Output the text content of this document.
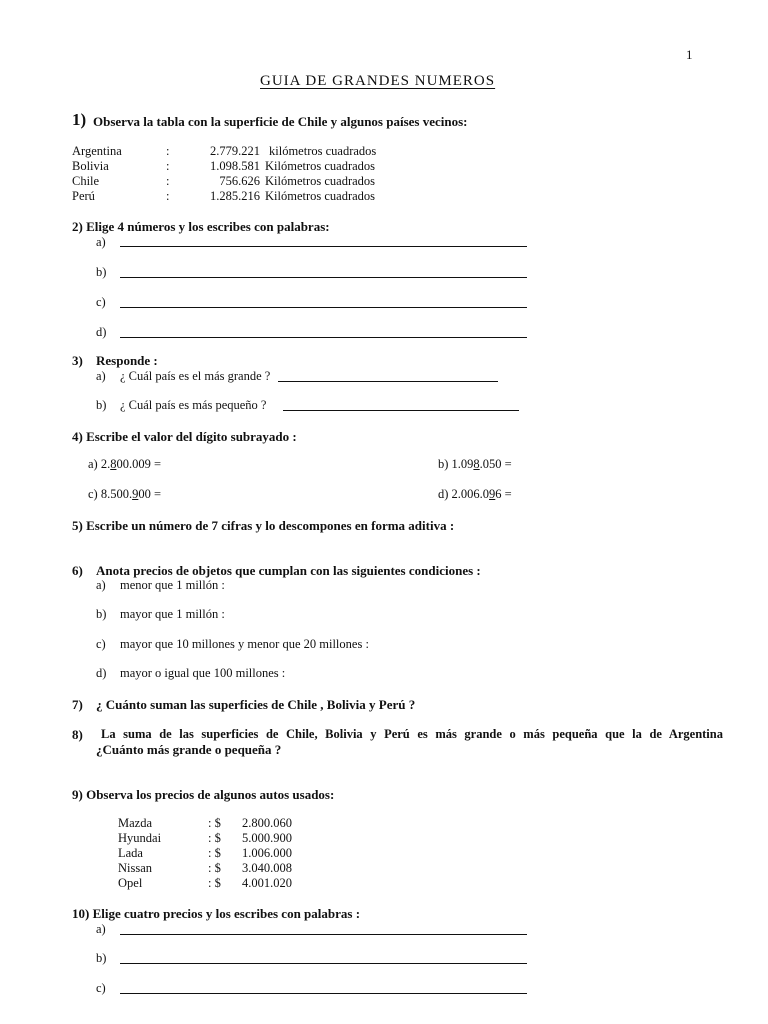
1
GUIA DE GRANDES NUMEROS
1) Observa la tabla con la superficie de Chile y algunos países vecinos:
Argentina	:	2.779.221 kilómetros cuadrados
Bolivia	:	1.098.581 Kilómetros cuadrados
Chile	:	756.626 Kilómetros cuadrados
Perú	:	1.285.216 Kilómetros cuadrados
2) Elige 4 números y los escribes con palabras:
a)
b)
c)
d)
3) Responde :
a) ¿ Cuál país es el más grande ?
b) ¿ Cuál país es más pequeño ?
4) Escribe el valor del dígito subrayado :
a) 2.800.009 =	b) 1.098.050 =
c) 8.500.900 =	d) 2.006.096 =
5) Escribe un número de 7 cifras y lo descompones en forma aditiva :
6) Anota precios de objetos que cumplan con las siguientes condiciones :
a) menor que 1 millón :
b) mayor que 1 millón :
c) mayor que 10 millones y menor que 20 millones :
d) mayor o igual que 100 millones :
7) ¿ Cuánto suman las superficies de Chile , Bolivia y Perú ?
8) La suma de las superficies de Chile, Bolivia y Perú es más grande o más pequeña que la de Argentina
¿Cuánto más grande o pequeña ?
9) Observa los precios de algunos autos usados:
Mazda	: $ 2.800.060
Hyundai	: $ 5.000.900
Lada	: $ 1.006.000
Nissan	: $ 3.040.008
Opel	: $ 4.001.020
10) Elige cuatro precios y los escribes con palabras :
a)
b)
c)
